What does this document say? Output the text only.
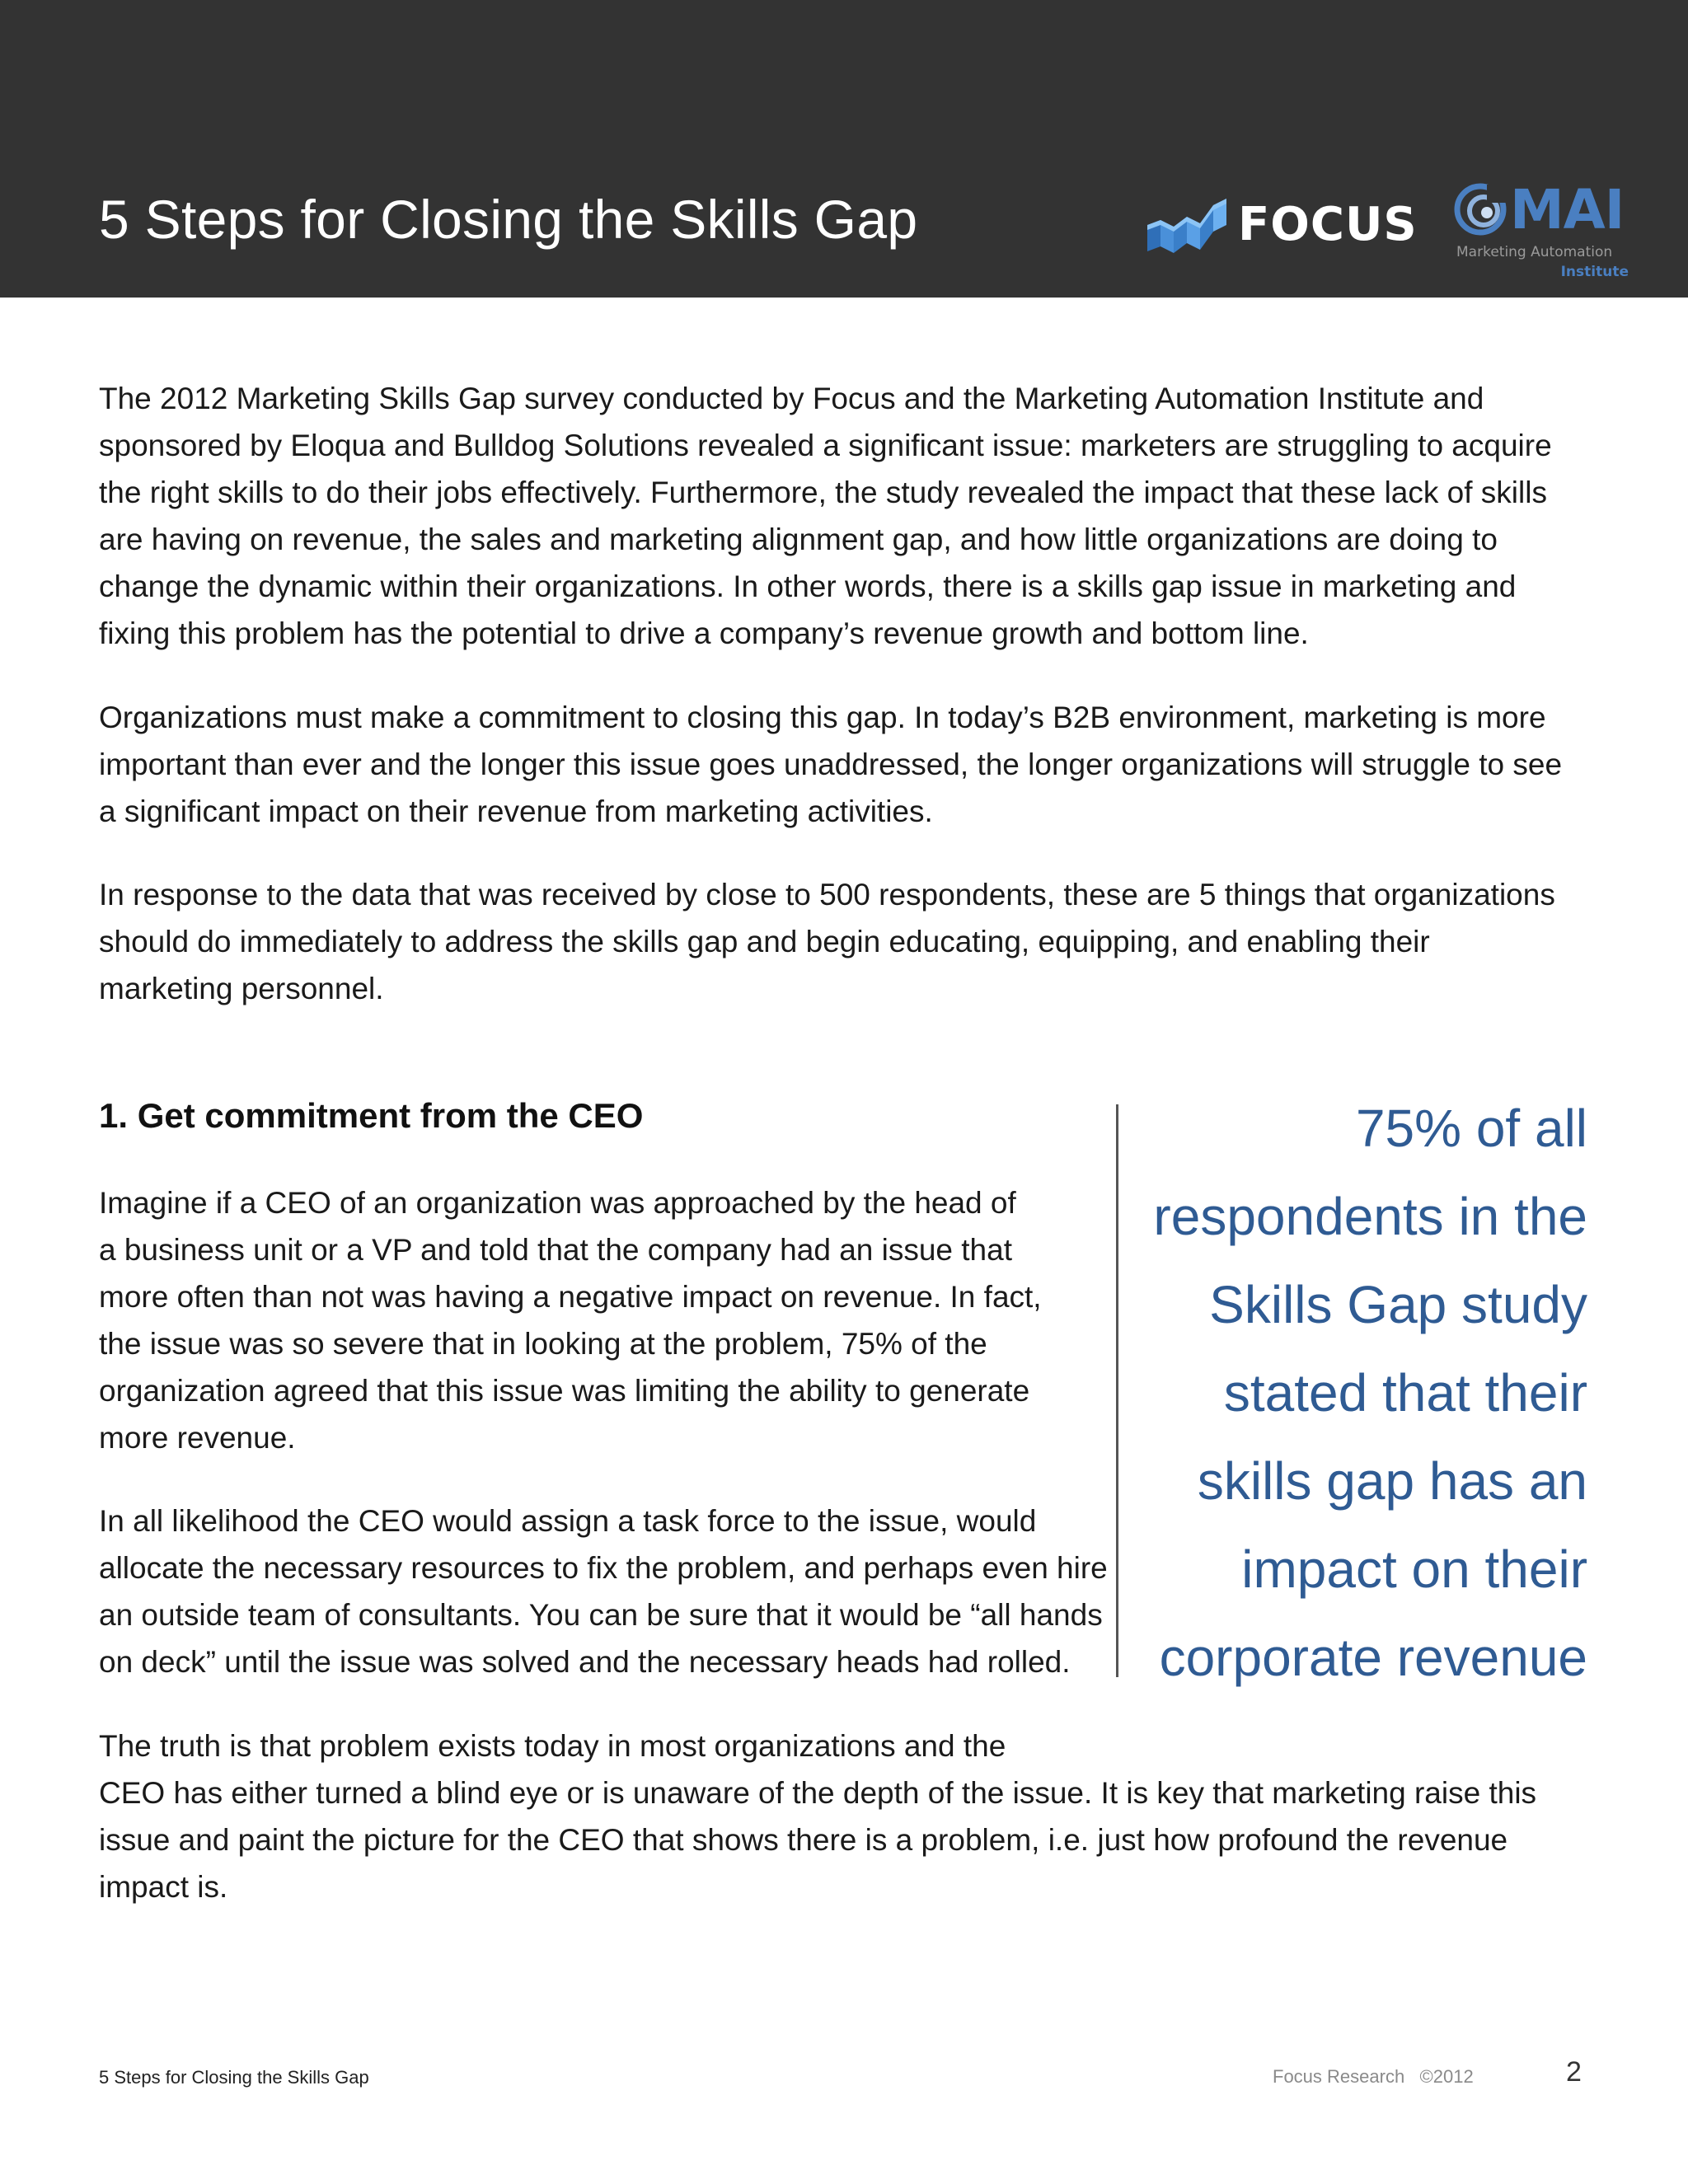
5 Steps for Closing the Skills Gap	FOCUS MAI
Marketing Automation
Institute

The 2012 Marketing Skills Gap survey conducted by Focus and the Marketing Automation Institute and
sponsored by Eloqua and Bulldog Solutions revealed a significant issue: marketers are struggling to acquire
the right skills to do their jobs effectively. Furthermore, the study revealed the impact that these lack of skills
are having on revenue, the sales and marketing alignment gap, and how little organizations are doing to
change the dynamic within their organizations. In other words, there is a skills gap issue in marketing and
fixing this problem has the potential to drive a company’s revenue growth and bottom line.

Organizations must make a commitment to closing this gap. In today’s B2B environment, marketing is more
important than ever and the longer this issue goes unaddressed, the longer organizations will struggle to see
a significant impact on their revenue from marketing activities.

In response to the data that was received by close to 500 respondents, these are 5 things that organizations
should do immediately to address the skills gap and begin educating, equipping, and enabling their
marketing personnel.

1. Get commitment from the CEO

Imagine if a CEO of an organization was approached by the head of
a business unit or a VP and told that the company had an issue that
more often than not was having a negative impact on revenue. In fact,
the issue was so severe that in looking at the problem, 75% of the
organization agreed that this issue was limiting the ability to generate
more revenue.

In all likelihood the CEO would assign a task force to the issue, would
allocate the necessary resources to fix the problem, and perhaps even hire
an outside team of consultants. You can be sure that it would be “all hands
on deck” until the issue was solved and the necessary heads had rolled.

75% of all
respondents in the
Skills Gap study
stated that their
skills gap has an
impact on their
corporate revenue

The truth is that problem exists today in most organizations and the
CEO has either turned a blind eye or is unaware of the depth of the issue. It is key that marketing raise this
issue and paint the picture for the CEO that shows there is a problem, i.e. just how profound the revenue
impact is.

5 Steps for Closing the Skills Gap	Focus Research ©2012	2
